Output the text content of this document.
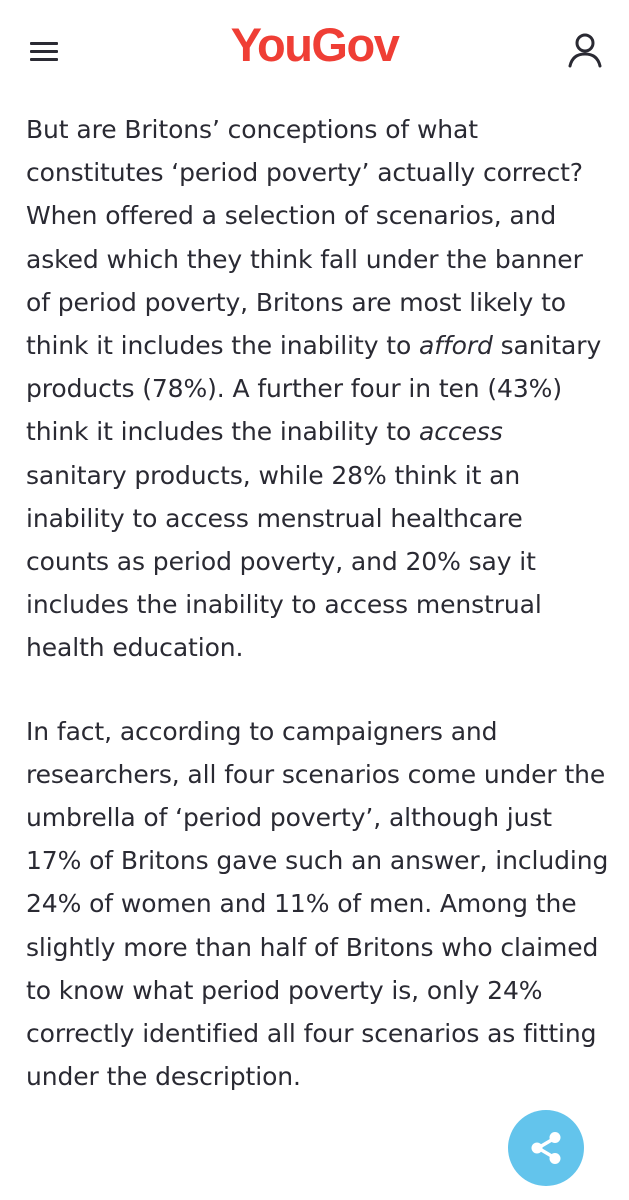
YouGov

But are Britons’ conceptions of what constitutes ‘period poverty’ actually correct? When offered a selection of scenarios, and asked which they think fall under the banner of period poverty, Britons are most likely to think it includes the inability to afford sanitary products (78%). A further four in ten (43%) think it includes the inability to access sanitary products, while 28% think it an inability to access menstrual healthcare counts as period poverty, and 20% say it includes the inability to access menstrual health education.

In fact, according to campaigners and researchers, all four scenarios come under the umbrella of ‘period poverty’, although just 17% of Britons gave such an answer, including 24% of women and 11% of men. Among the slightly more than half of Britons who claimed to know what period poverty is, only 24% correctly identified all four scenarios as fitting under the description.
